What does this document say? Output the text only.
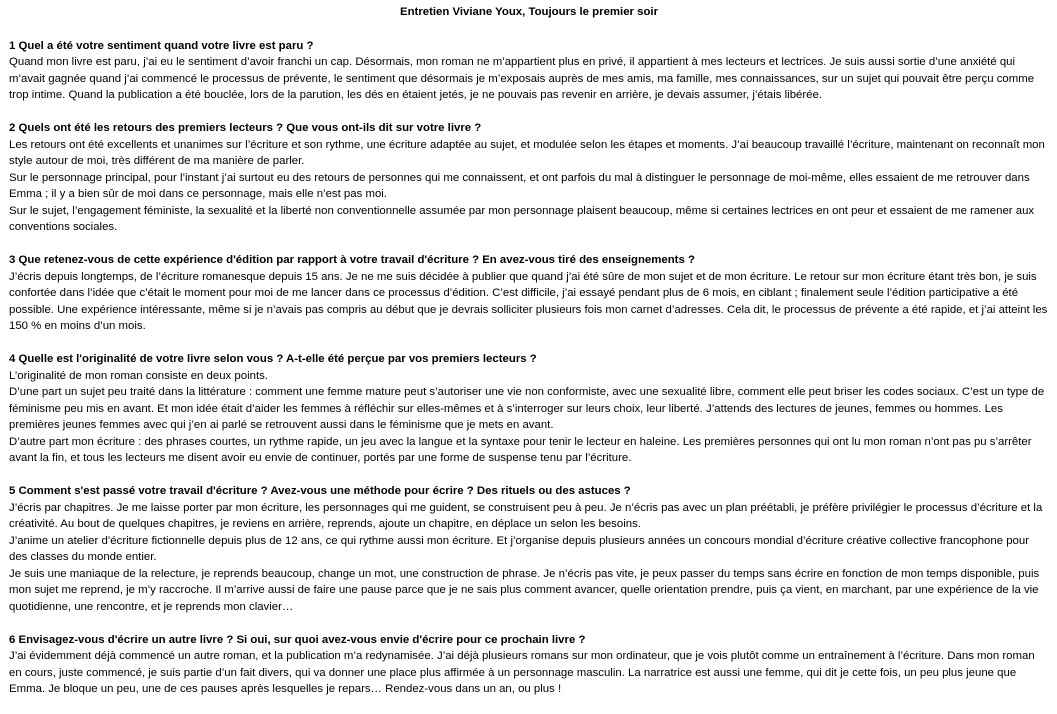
Entretien Viviane Youx, Toujours le premier soir

1 Quel a été votre sentiment quand votre livre est paru ?

Quand mon livre est paru, j’ai eu le sentiment d’avoir franchi un cap. Désormais, mon roman ne m’appartient plus en privé, il appartient à mes lecteurs et lectrices. Je suis aussi sortie d’une anxiété qui m’avait gagnée quand j’ai commencé le processus de prévente, le sentiment que désormais je m’exposais auprès de mes amis, ma famille, mes connaissances, sur un sujet qui pouvait être perçu comme trop intime. Quand la publication a été bouclée, lors de la parution, les dés en étaient jetés, je ne pouvais pas revenir en arrière, je devais assumer, j’étais libérée.

2 Quels ont été les retours des premiers lecteurs ? Que vous ont-ils dit sur votre livre ?

Les retours ont été excellents et unanimes sur l’écriture et son rythme, une écriture adaptée au sujet, et modulée selon les étapes et moments. J’ai beaucoup travaillé l’écriture, maintenant on reconnaît mon style autour de moi, très différent de ma manière de parler.

Sur le personnage principal, pour l’instant j’ai surtout eu des retours de personnes qui me connaissent, et ont parfois du mal à distinguer le personnage de moi-même, elles essaient de me retrouver dans Emma ; il y a bien sûr de moi dans ce personnage, mais elle n’est pas moi.

Sur le sujet, l’engagement féministe, la sexualité et la liberté non conventionnelle assumée par mon personnage plaisent beaucoup, même si certaines lectrices en ont peur et essaient de me ramener aux conventions sociales.

3 Que retenez-vous de cette expérience d'édition par rapport à votre travail d'écriture ? En avez-vous tiré des enseignements ?

J’écris depuis longtemps, de l’écriture romanesque depuis 15 ans. Je ne me suis décidée à publier que quand j’ai été sûre de mon sujet et de mon écriture. Le retour sur mon écriture étant très bon, je suis confortée dans l’idée que c’était le moment pour moi de me lancer dans ce processus d’édition. C’est difficile, j’ai essayé pendant plus de 6 mois, en ciblant ; finalement seule l’édition participative a été possible. Une expérience intéressante, même si je n’avais pas compris au début que je devrais solliciter plusieurs fois mon carnet d’adresses. Cela dit, le processus de prévente a été rapide, et j’ai atteint les 150 % en moins d’un mois.

4 Quelle est l'originalité de votre livre selon vous ? A-t-elle été perçue par vos premiers lecteurs ?

L’originalité de mon roman consiste en deux points.

D’une part un sujet peu traité dans la littérature : comment une femme mature peut s’autoriser une vie non conformiste, avec une sexualité libre, comment elle peut briser les codes sociaux. C’est un type de féminisme peu mis en avant. Et mon idée était d’aider les femmes à réfléchir sur elles-mêmes et à s’interroger sur leurs choix, leur liberté. J’attends des lectures de jeunes, femmes ou hommes. Les premières jeunes femmes avec qui j’en ai parlé se retrouvent aussi dans le féminisme que je mets en avant.

D’autre part mon écriture : des phrases courtes, un rythme rapide, un jeu avec la langue et la syntaxe pour tenir le lecteur en haleine. Les premières personnes qui ont lu mon roman n’ont pas pu s’arrêter avant la fin, et tous les lecteurs me disent avoir eu envie de continuer, portés par une forme de suspense tenu par l’écriture.

5 Comment s'est passé votre travail d'écriture ? Avez-vous une méthode pour écrire ? Des rituels ou des astuces ?

J’écris par chapitres. Je me laisse porter par mon écriture, les personnages qui me guident, se construisent peu à peu. Je n’écris pas avec un plan préétabli, je préfère privilégier le processus d’écriture et la créativité. Au bout de quelques chapitres, je reviens en arrière, reprends, ajoute un chapitre, en déplace un selon les besoins.

J’anime un atelier d’écriture fictionnelle depuis plus de 12 ans, ce qui rythme aussi mon écriture. Et j’organise depuis plusieurs années un concours mondial d’écriture créative collective francophone pour des classes du monde entier.

Je suis une maniaque de la relecture, je reprends beaucoup, change un mot, une construction de phrase. Je n’écris pas vite, je peux passer du temps sans écrire en fonction de mon temps disponible, puis mon sujet me reprend, je m’y raccroche. Il m’arrive aussi de faire une pause parce que je ne sais plus comment avancer, quelle orientation prendre, puis ça vient, en marchant, par une expérience de la vie quotidienne, une rencontre, et je reprends mon clavier…

6 Envisagez-vous d'écrire un autre livre ? Si oui, sur quoi avez-vous envie d'écrire pour ce prochain livre ?

J’ai évidemment déjà commencé un autre roman, et la publication m’a redynamisée. J’ai déjà plusieurs romans sur mon ordinateur, que je vois plutôt comme un entraînement à l’écriture. Dans mon roman en cours, juste commencé, je suis partie d’un fait divers, qui va donner une place plus affirmée à un personnage masculin. La narratrice est aussi une femme, qui dit je cette fois, un peu plus jeune que Emma. Je bloque un peu, une de ces pauses après lesquelles je repars… Rendez-vous dans un an, ou plus !
